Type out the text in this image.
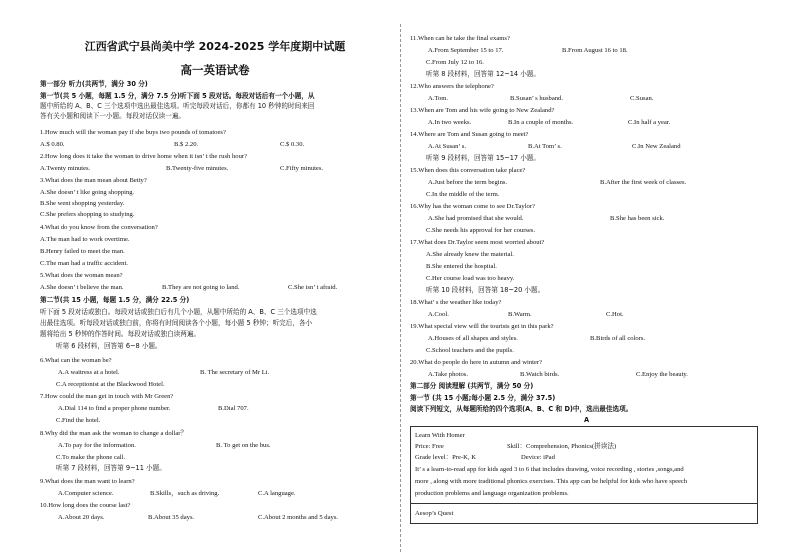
江西省武宁县尚美中学 2024-2025 学年度期中试题
高一英语试卷
第一部分 听力(共两节，满分 30 分)
第一节(共 5 小题，每题 1.5 分，满分 7.5 分)听下面 5 段对话。每段对话后有一个小题，从
题中所给的 A、B、C 三个选项中选出最佳选项。听完每段对话后，你都有 10 秒钟的时间来回
答有关小题和阅读下一小题。每段对话仅读一遍。
1.How much will the woman pay if she buys two pounds of tomatoes?
A.$ 0.80.	B.$ 2.20.	C.$ 0.30.
2.How long does it take the woman to drive home when it isn’ t the rush hour?
A.Twenty minutes.	B.Twenty-five minutes.	C.Fifty minutes.
3.What does the man mean about Betty?
A.She doesn’ t like going shopping.
B.She went shopping yesterday.
C.She prefers shopping to studying.
4.What do you know from the conversation?
A.The man had to work overtime.
B.Henry failed to meet the man.
C.The man had a traffic accident.
5.What does the woman mean?
A.She doesn’ t believe the man.	B.They are not going to land.	C.She isn’ t afraid.
第二节(共 15 小题，每题 1.5 分，满分 22.5 分)
听下面 5 段对话或独白。每段对话或独白后有几个小题，从题中所给的 A、B、C 三个选项中选
出最佳选项。听每段对话或独白前，你将有时间阅读各个小题，每小题 5 秒钟；听完后，各小
题将给出 5 秒钟的作答时间。每段对话或独白读两遍。
听第 6 段材料，回答第 6~8 小题。
6.What can the woman be?
A.A waitress at a hotel.	B. The secretary of Mr Li.
C.A receptionist at the Blackwood Hotel.
7.How could the man get in touch with Mr Green?
A.Dial 114 to find a proper phone number.	B.Dial 707.
C.Find the hotel.
8.Why did the man ask the woman to change a dollar？
A.To pay for the information.	B. To get on the bus.
C.To make the phone call.
听第 7 段材料，回答第 9~11 小题。
9.What does the man want to learn?
A.Computer science.	B.Skills，such as driving.	C.A language.
10.How long does the course last?
A.About 20 days.	B.About 35 days.	C.About 2 months and 5 days.
11.When can he take the final exams?
A.From September 15 to 17.	B.From August 16 to 18.
C.From July 12 to 16.
听第 8 段材料，回答第 12~14 小题。
12.Who answers the telephone?
A.Tom.	B.Susan’ s husband.	C.Susan.
13.When are Tom and his wife going to New Zealand?
A.In two weeks.	B.In a couple of months.	C.In half a year.
14.Where are Tom and Susan going to meet?
A.At Susan’ s.	B.At Tom’ s.	C.In New Zealand
听第 9 段材料，回答第 15~17 小题。
15.When does this conversation take place?
A.Just before the term begins.	B.After the first week of classes.
C.In the middle of the term.
16.Why has the woman come to see Dr.Taylor?
A.She had promised that she would.	B.She has been sick.
C.She needs his approval for her courses.
17.What does Dr.Taylor seem most worried about?
A.She already knew the material.
B.She entered the hospital.
C.Her course load was too heavy.
听第 10 段材料，回答第 18~20 小题。
18.What’ s the weather like today?
A.Cool.	B.Warm.	C.Hot.
19.What special view will the tourists get in this park?
A.Houses of all shapes and styles.	B.Birds of all colors.
C.School teachers and the pupils.
20.What do people do here in autumn and winter?
A.Take photos.	B.Watch birds.	C.Enjoy the beauty.
第二部分 阅读理解 (共两节，满分 50 分)
第一节 (共 15 小题;每小题 2.5 分，满分 37.5)
阅读下列短文，从每题所给的四个选项(A、B、C 和 D)中，选出最佳选项。
A
Learn With Homer
Price: Free	Skill：Comprehension, Phonics(拼读法)
Grade level：Pre-K, K	Device: iPad
It’ s a learn-to-read app for kids aged 3 to 6 that includes drawing, voice recording , stories ,songs,and
more , along with more traditional phonics exercises. This app can be helpful for kids who have speech
production problems and language organization problems.
Aesop’s Quest
